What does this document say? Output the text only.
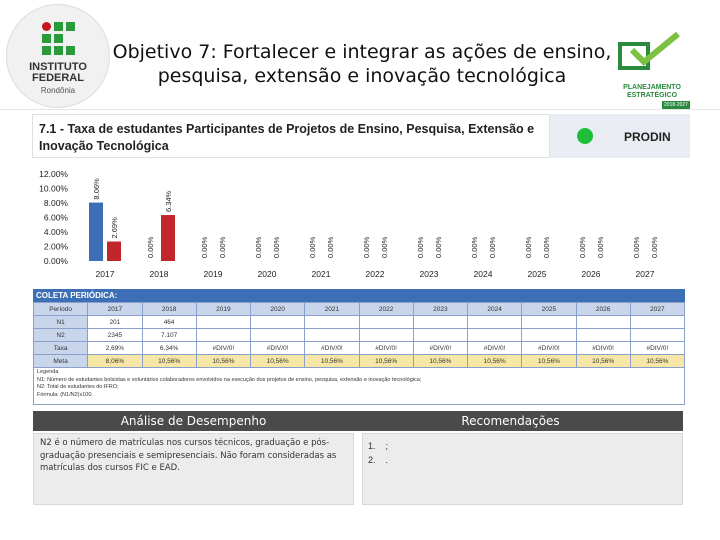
INSTITUTO FEDERAL
Rondônia
Objetivo 7: Fortalecer e integrar as ações de ensino, pesquisa, extensão e inovação tecnológica
PLANEJAMENTO ESTRATÉGICO
2018-2027
7.1 - Taxa de estudantes Participantes de Projetos de Ensino, Pesquisa, Extensão e Inovação Tecnológica
PRODIN
0.00%
2.00%
4.00%
6.00%
8.00%
10.00%
12.00%
2017
8.06%
2.69%
2018
0.00%
6.34%
2019
0.00% 0.00%
2020
0.00% 0.00%
2021
0.00% 0.00%
2022
0.00% 0.00%
2023
0.00% 0.00%
2024
0.00% 0.00%
2025
0.00% 0.00%
2026
0.00% 0.00%
2027
0.00% 0.00%
COLETA PERIÓDICA:
Período	2017	2018	2019	2020	2021	2022	2023	2024	2025	2026	2027
N1	201	464									
N2	2345	7.107									
Taxa	2,69%	6,34%	#DIV/0!	#DIV/0!	#DIV/0!	#DIV/0!	#DIV/0!	#DIV/0!	#DIV/0!	#DIV/0!	#DIV/0!
Meta	8,06%	10,56%	10,56%	10,56%	10,56%	10,56%	10,56%	10,56%	10,56%	10,56%	10,56%
Legenda
N1: Número de estudantes bolsistas e voluntários colaboradores envolvidos na execução dos projetos de ensino, pesquisa, extensão e inovação tecnológica;
N2: Total de estudantes do IFRO;
Fórmula: (N1/N2)x100.
Análise de Desempenho
N2 é o número de matrículas nos cursos técnicos, graduação e pós-graduação presenciais e semipresenciais. Não foram consideradas as matrículas dos cursos FIC e EAD.
Recomendações
1. ;
2. .
